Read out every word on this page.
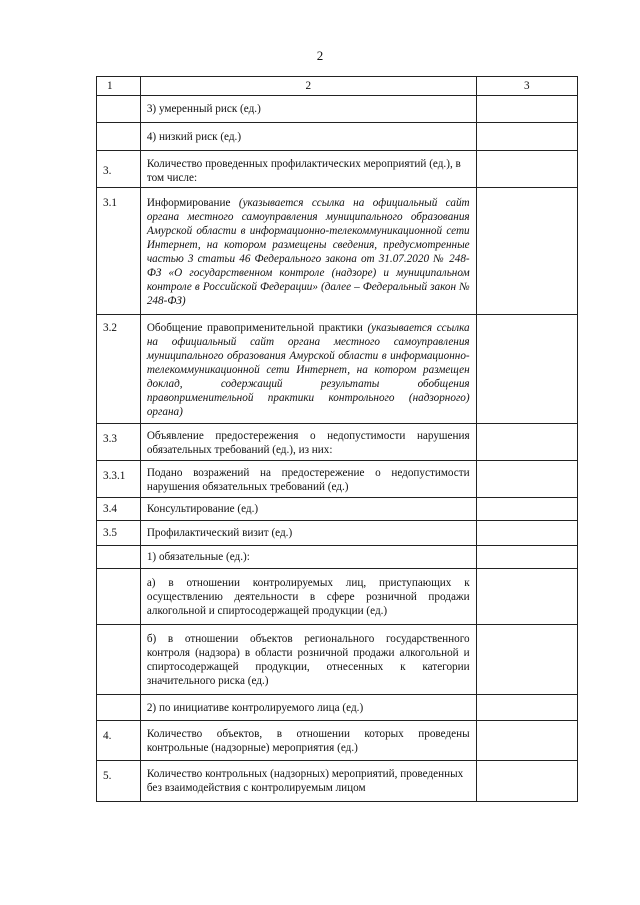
2
1	2	3
	3) умеренный риск (ед.)	
	4) низкий риск (ед.)	
3.	Количество проведенных профилактических мероприятий (ед.), в том числе:	
3.1	Информирование (указывается ссылка на официальный сайт органа местного самоуправления муниципального образования Амурской области в информационно-телекоммуникационной сети Интернет, на котором размещены сведения, предусмотренные частью 3 статьи 46 Федерального закона от 31.07.2020 № 248-ФЗ «О государственном контроле (надзоре) и муниципальном контроле в Российской Федерации» (далее – Федеральный закон № 248-ФЗ)	
3.2	Обобщение правоприменительной практики (указывается ссылка на официальный сайт органа местного самоуправления муниципального образования Амурской области в информационно-телекоммуникационной сети Интернет, на котором размещен доклад, содержащий результаты обобщения правоприменительной практики контрольного (надзорного) органа)	
3.3	Объявление предостережения о недопустимости нарушения обязательных требований (ед.), из них:	
3.3.1	Подано возражений на предостережение о недопустимости нарушения обязательных требований (ед.)	
3.4	Консультирование (ед.)	
3.5	Профилактический визит (ед.)	
	1) обязательные (ед.):	
	а) в отношении контролируемых лиц, приступающих к осуществлению деятельности в сфере розничной продажи алкогольной и спиртосодержащей продукции (ед.)	
	б) в отношении объектов регионального государственного контроля (надзора) в области розничной продажи алкогольной и спиртосодержащей продукции, отнесенных к категории значительного риска (ед.)	
	2) по инициативе контролируемого лица (ед.)	
4.	Количество объектов, в отношении которых проведены контрольные (надзорные) мероприятия (ед.)	
5.	Количество контрольных (надзорных) мероприятий, проведенных без взаимодействия с контролируемым лицом	
